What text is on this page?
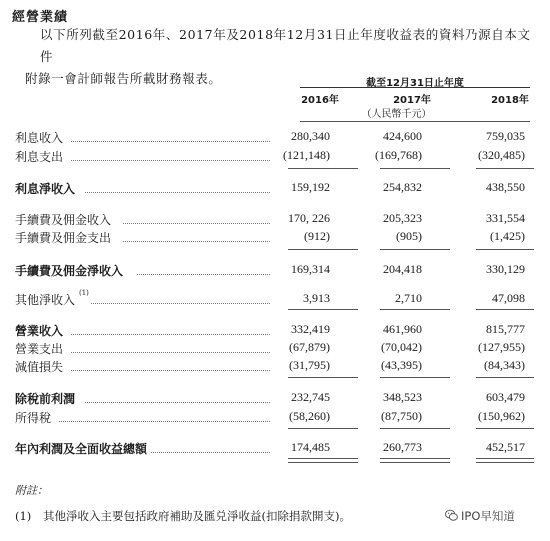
經營業績
以下所列截至2016年、2017年及2018年12月31日止年度收益表的資料乃源自本文件
附錄一會計師報告所載財務報表。	截至12月31日止年度
2016年	2017年	2018年
（人民幣千元）
利息收入	280,340	424,600	759,035
利息支出	(121,148)	(169,768)	(320,485)
利息淨收入	159,192	254,832	438,550
手續費及佣金收入	170, 226	205,323	331,554
手續費及佣金支出	(912)	(905)	(1,425)
手續費及佣金淨收入	169,314	204,418	330,129
其他淨收入 (1)	3,913	2,710	47,098
營業收入	332,419	461,960	815,777
營業支出	(67,879)	(70,042)	(127,955)
減值損失	(31,795)	(43,395)	(84,343)
除稅前利潤	232,745	348,523	603,479
所得稅	(58,260)	(87,750)	(150,962)
年內利潤及全面收益總額	174,485	260,773	452,517
附註：
(1) 其他淨收入主要包括政府補助及匯兑淨收益(扣除捐款開支)。	IPO早知道
